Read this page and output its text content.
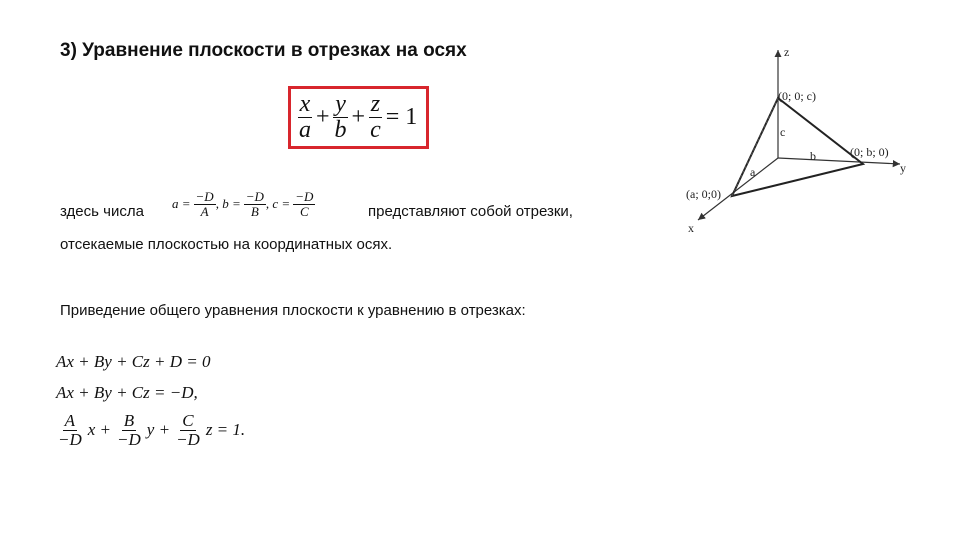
3) Уравнение плоскости в отрезках на осях
$\frac{x}{a} + \frac{y}{b} + \frac{z}{c} = 1$
здесь числа $a = \frac{-D}{A}$ , $b = \frac{-D}{B}$ , $c = \frac{-D}{C}$	представляют собой отрезки,
отсекаемые плоскостью на координатных осях.
Приведение общего уравнения плоскости к уравнению в отрезках:
Ax + By + Cz + D = 0
Ax + By + Cz = −D,
$\frac{A}{-D}$ $x + \frac{B}{-D}$ $y + \frac{C}{-D}$ z = 1.
z
y
x
(0; 0; c)
(0; b; 0)
(a; 0;0)
c
b
a
